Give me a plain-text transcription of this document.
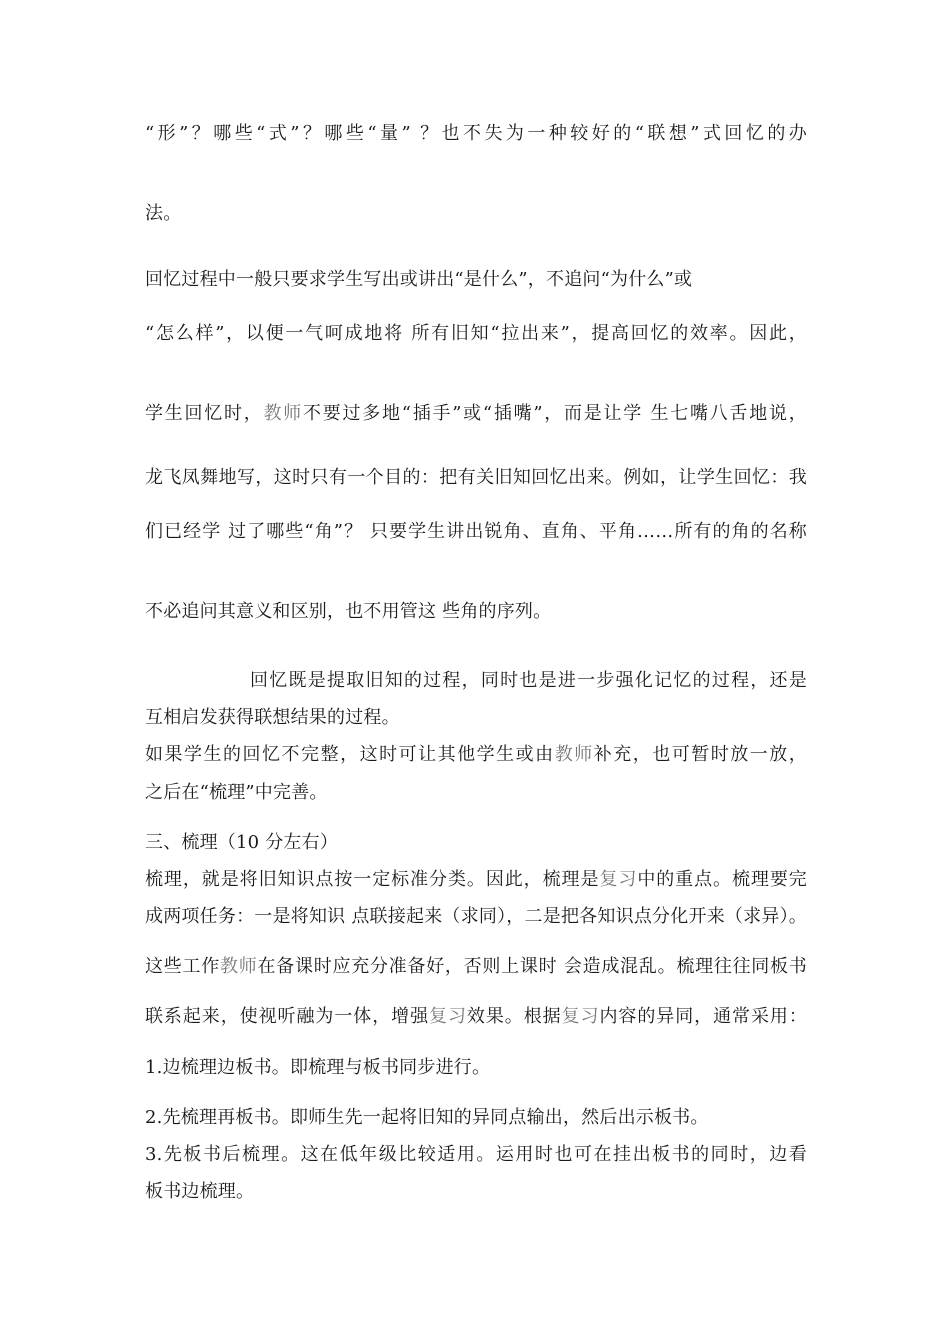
“形”？哪些“式”？哪些“量” ？也不失为一种较好的“联想”式回忆的办
法。
回忆过程中一般只要求学生写出或讲出“是什么”，不追问“为什么”或
“怎么样”，以便一气呵成地将 所有旧知“拉出来”，提高回忆的效率。因此，
学生回忆时，教师不要过多地“插手”或“插嘴”，而是让学 生七嘴八舌地说，
龙飞凤舞地写，这时只有一个目的：把有关旧知回忆出来。例如，让学生回忆：我
们已经学 过了哪些“角”？ 只要学生讲出锐角、直角、平角……所有的角的名称
不必追问其意义和区别，也不用管这 些角的序列。
回忆既是提取旧知的过程，同时也是进一步强化记忆的过程，还是
互相启发获得联想结果的过程。
如果学生的回忆不完整，这时可让其他学生或由教师补充，也可暂时放一放，
之后在“梳理”中完善。
三、梳理（10 分左右）
梳理，就是将旧知识点按一定标准分类。因此，梳理是复习中的重点。梳理要完
成两项任务：一是将知识 点联接起来（求同），二是把各知识点分化开来（求异）。
这些工作教师在备课时应充分准备好，否则上课时 会造成混乱。梳理往往同板书
联系起来，使视听融为一体，增强复习效果。根据复习内容的异同，通常采用：
1.边梳理边板书。即梳理与板书同步进行。
2.先梳理再板书。即师生先一起将旧知的异同点输出，然后出示板书。
3.先板书后梳理。这在低年级比较适用。运用时也可在挂出板书的同时，边看
板书边梳理。
